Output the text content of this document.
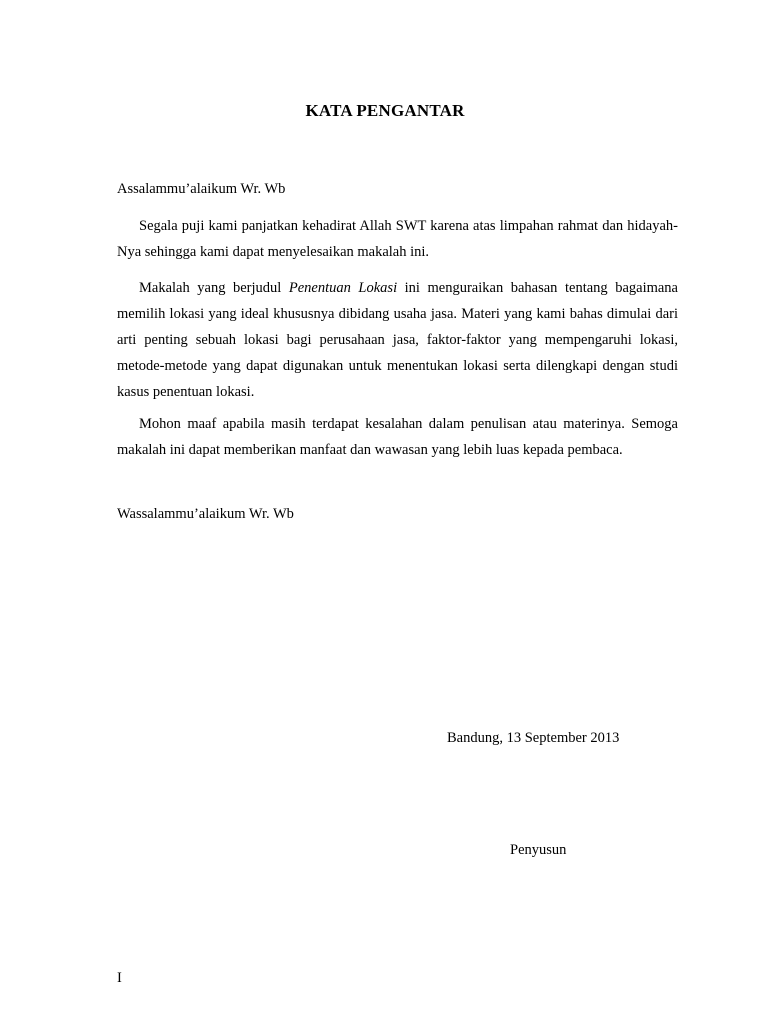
KATA PENGANTAR
Assalammu’alaikum Wr. Wb

Segala puji kami panjatkan kehadirat Allah SWT karena atas limpahan rahmat dan hidayah-Nya sehingga kami dapat menyelesaikan makalah ini.

Makalah yang berjudul Penentuan Lokasi ini menguraikan bahasan tentang bagaimana memilih lokasi yang ideal khususnya dibidang usaha jasa. Materi yang kami bahas dimulai dari arti penting sebuah lokasi bagi perusahaan jasa, faktor-faktor yang mempengaruhi lokasi, metode-metode yang dapat digunakan untuk menentukan lokasi serta dilengkapi dengan studi kasus penentuan lokasi.

Mohon maaf apabila masih terdapat kesalahan dalam penulisan atau materinya. Semoga makalah ini dapat memberikan manfaat dan wawasan yang lebih luas kepada pembaca.

Wassalammu’alaikum Wr. Wb
Bandung, 13 September 2013
Penyusun
I
